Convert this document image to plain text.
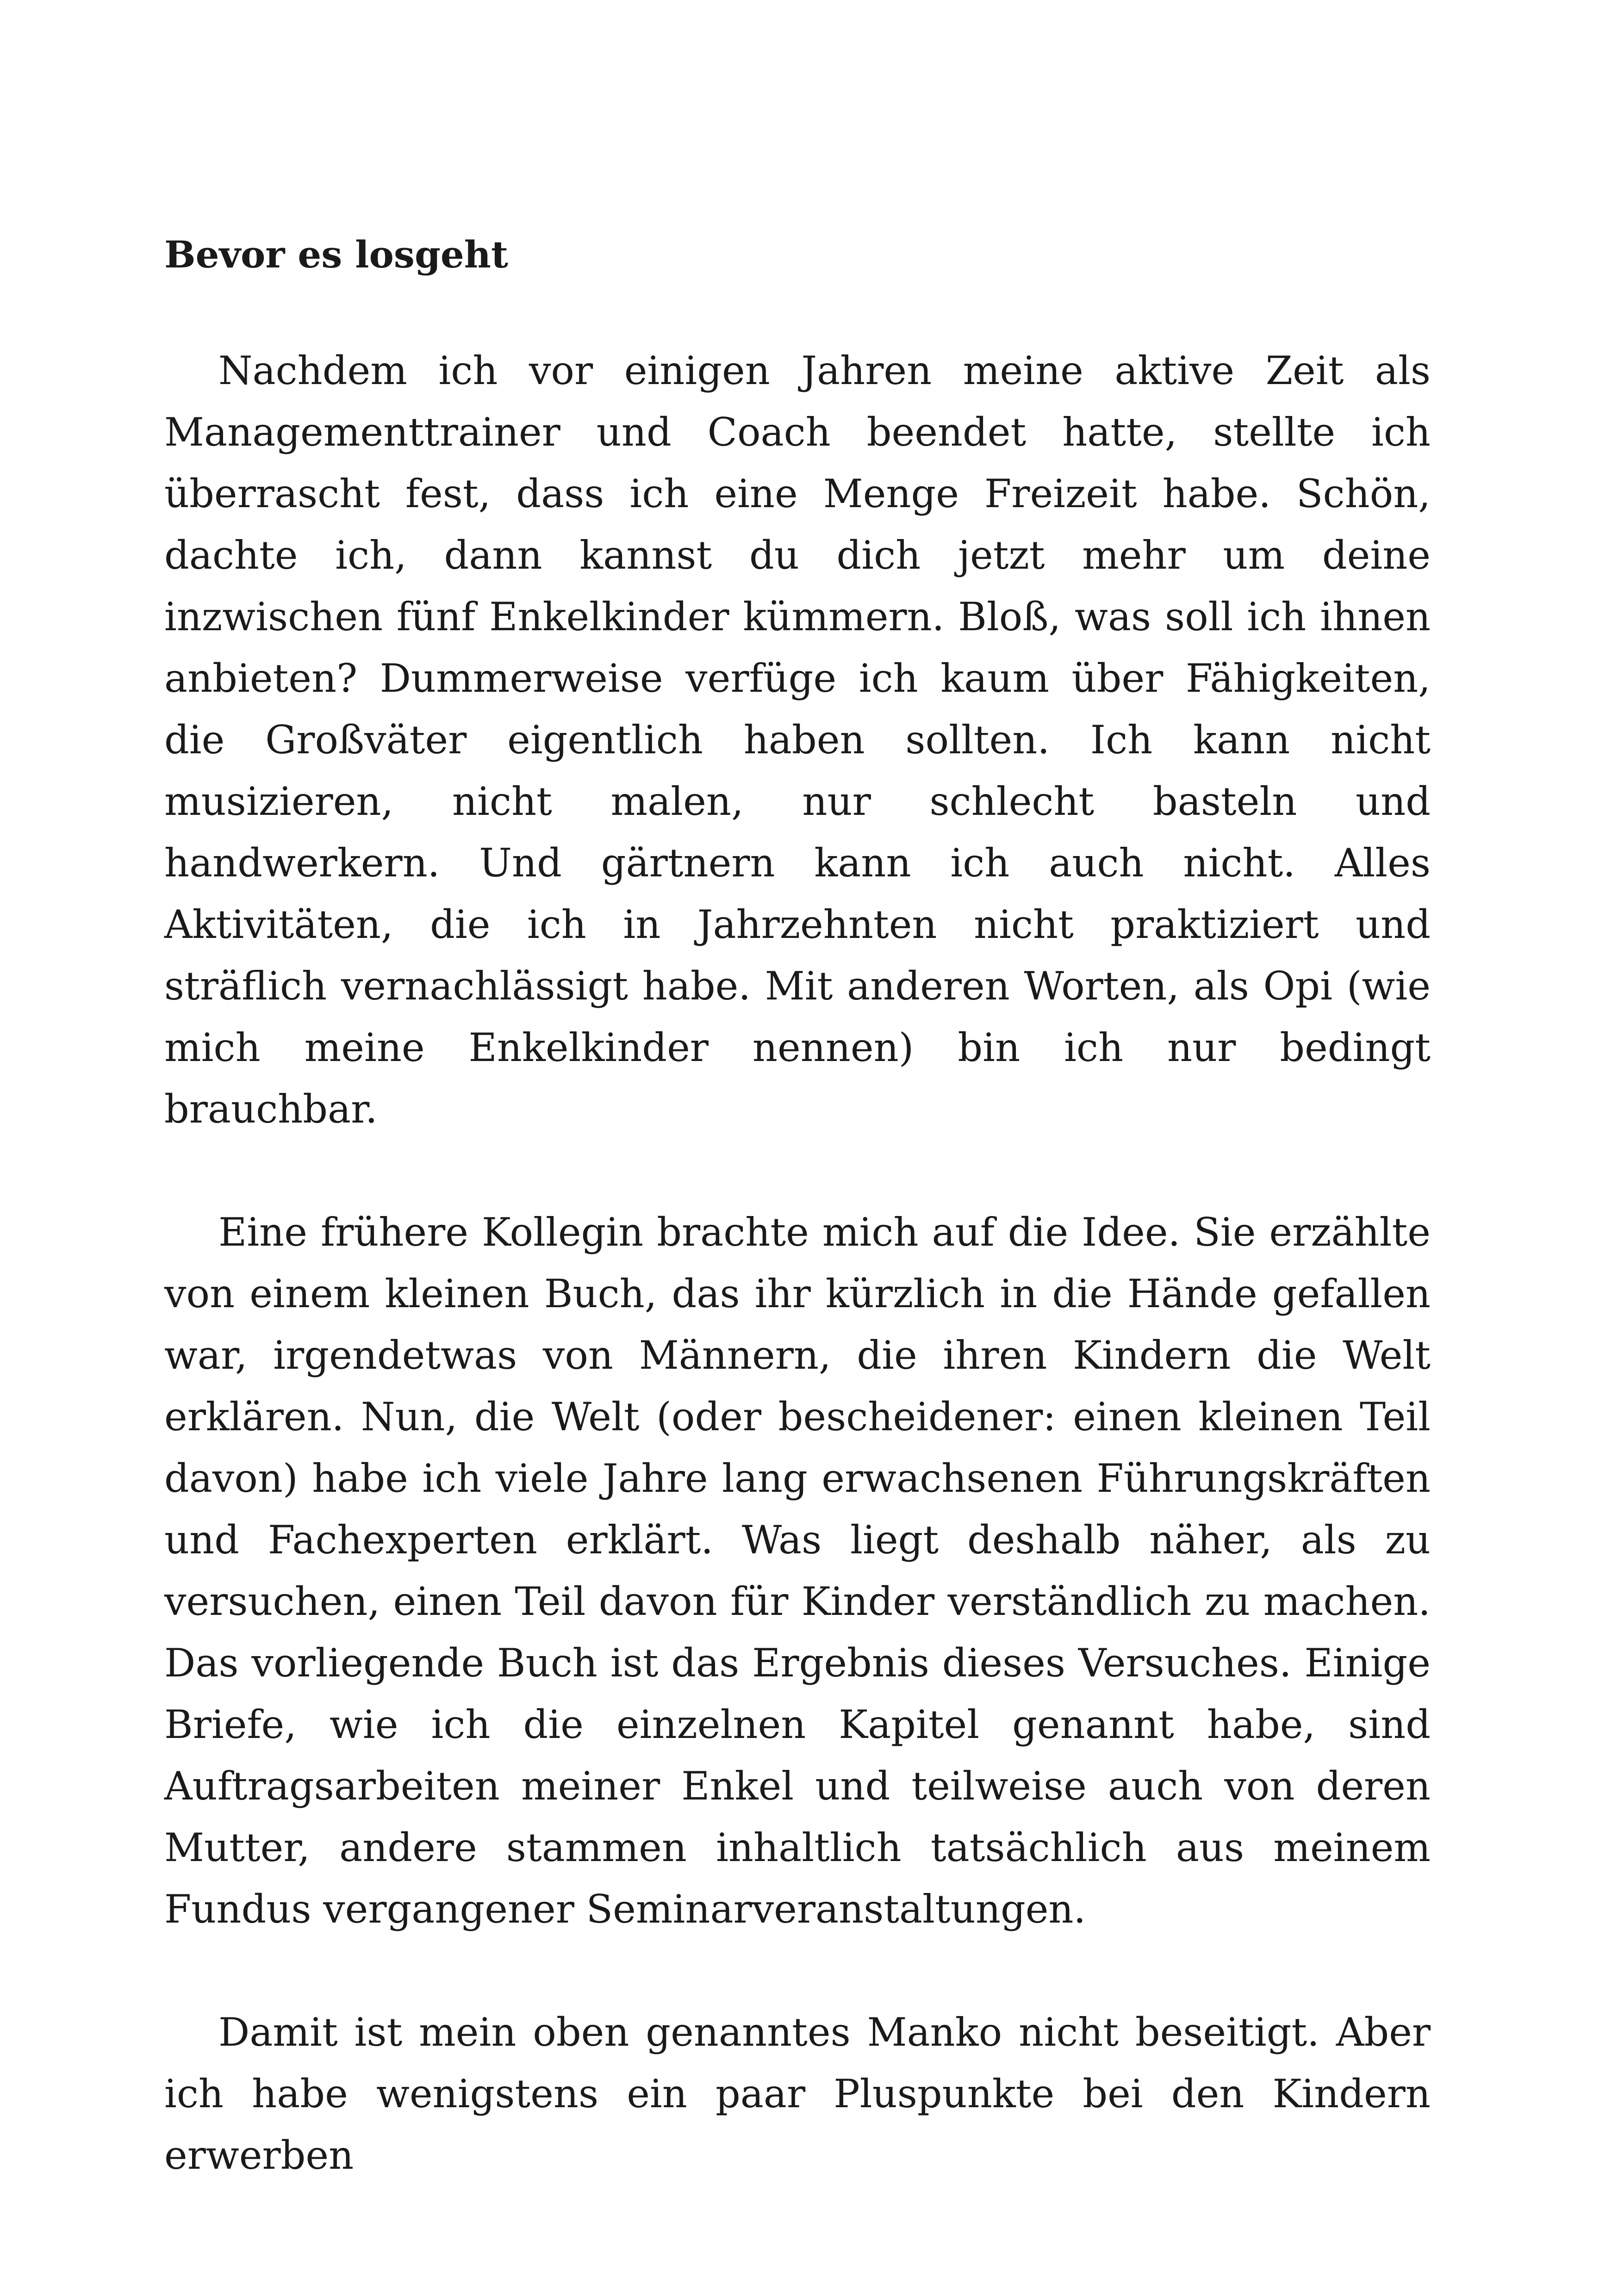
Bevor es losgeht

Nachdem ich vor einigen Jahren meine aktive Zeit als Managementtrainer und Coach beendet hatte, stellte ich überrascht fest, dass ich eine Menge Freizeit habe. Schön, dachte ich, dann kannst du dich jetzt mehr um deine inzwischen fünf Enkelkinder kümmern. Bloß, was soll ich ihnen anbieten? Dummerweise verfüge ich kaum über Fähigkeiten, die Großväter eigentlich haben sollten. Ich kann nicht musizieren, nicht malen, nur schlecht basteln und handwerkern. Und gärtnern kann ich auch nicht. Alles Aktivitäten, die ich in Jahrzehnten nicht praktiziert und sträflich vernachlässigt habe. Mit anderen Worten, als Opi (wie mich meine Enkelkinder nennen) bin ich nur bedingt brauchbar.

Eine frühere Kollegin brachte mich auf die Idee. Sie erzählte von einem kleinen Buch, das ihr kürzlich in die Hände gefallen war, irgendetwas von Männern, die ihren Kindern die Welt erklären. Nun, die Welt (oder bescheidener: einen kleinen Teil davon) habe ich viele Jahre lang erwachsenen Führungskräften und Fachexperten erklärt. Was liegt deshalb näher, als zu versuchen, einen Teil davon für Kinder verständlich zu machen. Das vorliegende Buch ist das Ergebnis dieses Versuches. Einige Briefe, wie ich die einzelnen Kapitel genannt habe, sind Auftragsarbeiten meiner Enkel und teilweise auch von deren Mutter, andere stammen inhaltlich tatsächlich aus meinem Fundus vergangener Seminarveranstaltungen.

Damit ist mein oben genanntes Manko nicht beseitigt. Aber ich habe wenigstens ein paar Pluspunkte bei den Kindern erwerben
